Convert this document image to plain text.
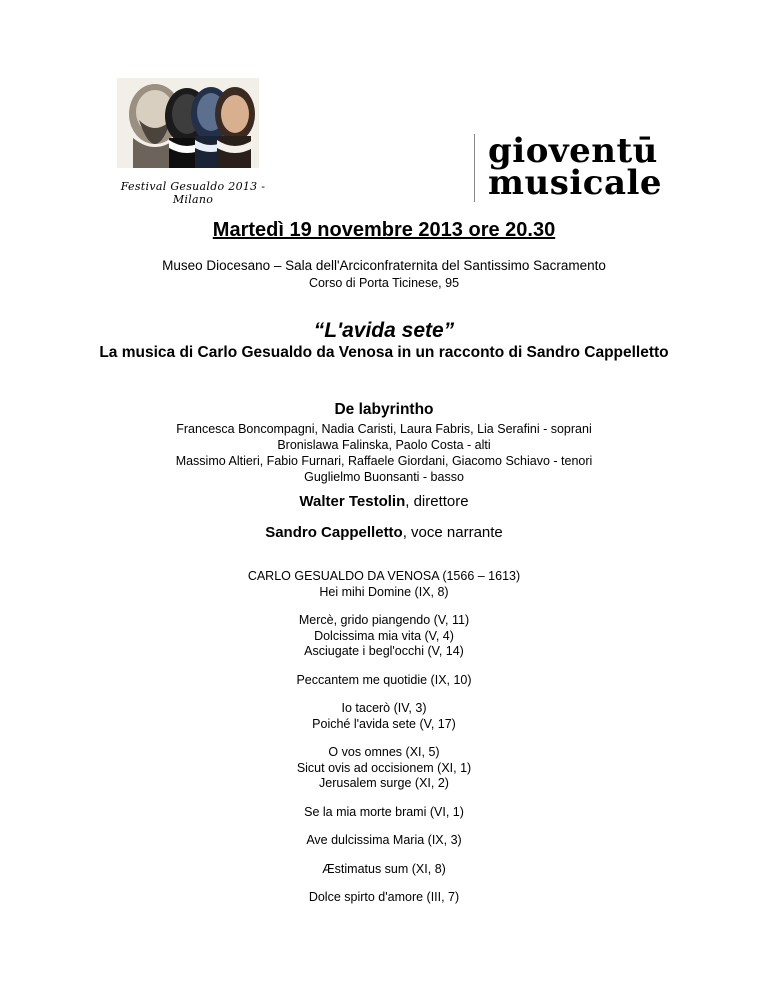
Festival Gesualdo 2013 - Milano
gioventū
musicale
Martedì 19 novembre 2013 ore 20.30
Museo Diocesano – Sala dell'Arciconfraternita del Santissimo Sacramento
Corso di Porta Ticinese, 95
“L'avida sete”
La musica di Carlo Gesualdo da Venosa in un racconto di Sandro Cappelletto
De labyrintho
Francesca Boncompagni, Nadia Caristi, Laura Fabris, Lia Serafini - soprani
Bronislawa Falinska, Paolo Costa - alti
Massimo Altieri, Fabio Furnari, Raffaele Giordani, Giacomo Schiavo - tenori
Guglielmo Buonsanti - basso
Walter Testolin, direttore
Sandro Cappelletto, voce narrante
CARLO GESUALDO DA VENOSA (1566 – 1613)
Hei mihi Domine (IX, 8)
Mercè, grido piangendo (V, 11)
Dolcissima mia vita (V, 4)
Asciugate i begl'occhi (V, 14)
Peccantem me quotidie (IX, 10)
Io tacerò (IV, 3)
Poiché l'avida sete (V, 17)
O vos omnes (XI, 5)
Sicut ovis ad occisionem (XI, 1)
Jerusalem surge (XI, 2)
Se la mia morte brami (VI, 1)
Ave dulcissima Maria (IX, 3)
Æstimatus sum (XI, 8)
Dolce spirto d'amore (III, 7)
